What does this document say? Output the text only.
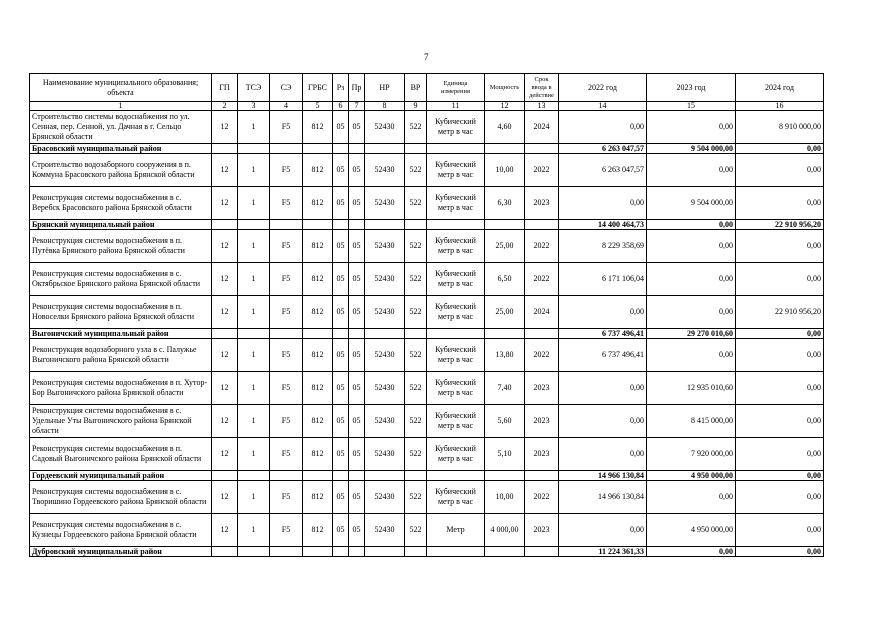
7
Наименование муниципального образования; объекта	ГП	ТСЭ	СЭ	ГРБС	Рз	Пр	НР	ВР	Единица измерения	Мощность	Срок ввода в действие	2022 год	2023 год	2024 год
1	2	3	4	5	6	7	8	9	11	12	13	14	15	16
Строительство системы водоснабжения по ул. Сенная, пер. Сенной, ул. Дачная в г. Сельцо Брянской области	12	1	F5	812	05	05	52430	522	Кубический метр в час	4,60	2024	0,00	0,00	8 910 000,00
Брасовский муниципальный район												6 263 047,57	9 504 000,00	0,00
Строительство водозаборного сооружения в п. Коммуна Брасовского района Брянской области	12	1	F5	812	05	05	52430	522	Кубический метр в час	10,00	2022	6 263 047,57	0,00	0,00
Реконструкция системы водоснабжения в с. Веребск Брасовского района Брянской области	12	1	F5	812	05	05	52430	522	Кубический метр в час	6,30	2023	0,00	9 504 000,00	0,00
Брянский муниципальный район												14 400 464,73	0,00	22 910 956,20
Реконструкция системы водоснабжения в п. Путёвка Брянского района Брянской области	12	1	F5	812	05	05	52430	522	Кубический метр в час	25,00	2022	8 229 358,69	0,00	0,00
Реконструкция системы водоснабжения в с. Октябрьское Брянского района Брянской области	12	1	F5	812	05	05	52430	522	Кубический метр в час	6,50	2022	6 171 106,04	0,00	0,00
Реконструкция системы водоснабжения в п. Новоселки Брянского района Брянской области	12	1	F5	812	05	05	52430	522	Кубический метр в час	25,00	2024	0,00	0,00	22 910 956,20
Выгоничский муниципальный район												6 737 496,41	29 270 010,60	0,00
Реконструкция водозаборного узла в с. Палужье Выгоничского района Брянской области	12	1	F5	812	05	05	52430	522	Кубический метр в час	13,80	2022	6 737 496,41	0,00	0,00
Реконструкция системы водоснабжения в п. Хутор-Бор Выгоничского района Брянской области	12	1	F5	812	05	05	52430	522	Кубический метр в час	7,40	2023	0,00	12 935 010,60	0,00
Реконструкция системы водоснабжения в с. Удельные Уты Выгоничского района Брянской области	12	1	F5	812	05	05	52430	522	Кубический метр в час	5,60	2023	0,00	8 415 000,00	0,00
Реконструкция системы водоснабжения в п. Садовый Выгоничского района Брянской области	12	1	F5	812	05	05	52430	522	Кубический метр в час	5,10	2023	0,00	7 920 000,00	0,00
Гордеевский муниципальный район												14 966 130,84	4 950 000,00	0,00
Реконструкция системы водоснабжения в с. Творишино Гордеевского района Брянской области	12	1	F5	812	05	05	52430	522	Кубический метр в час	10,00	2022	14 966 130,84	0,00	0,00
Реконструкция системы водоснабжения в с. Кузнецы Гордеевского района Брянской области	12	1	F5	812	05	05	52430	522	Метр	4 000,00	2023	0,00	4 950 000,00	0,00
Дубровский муниципальный район												11 224 361,33	0,00	0,00
